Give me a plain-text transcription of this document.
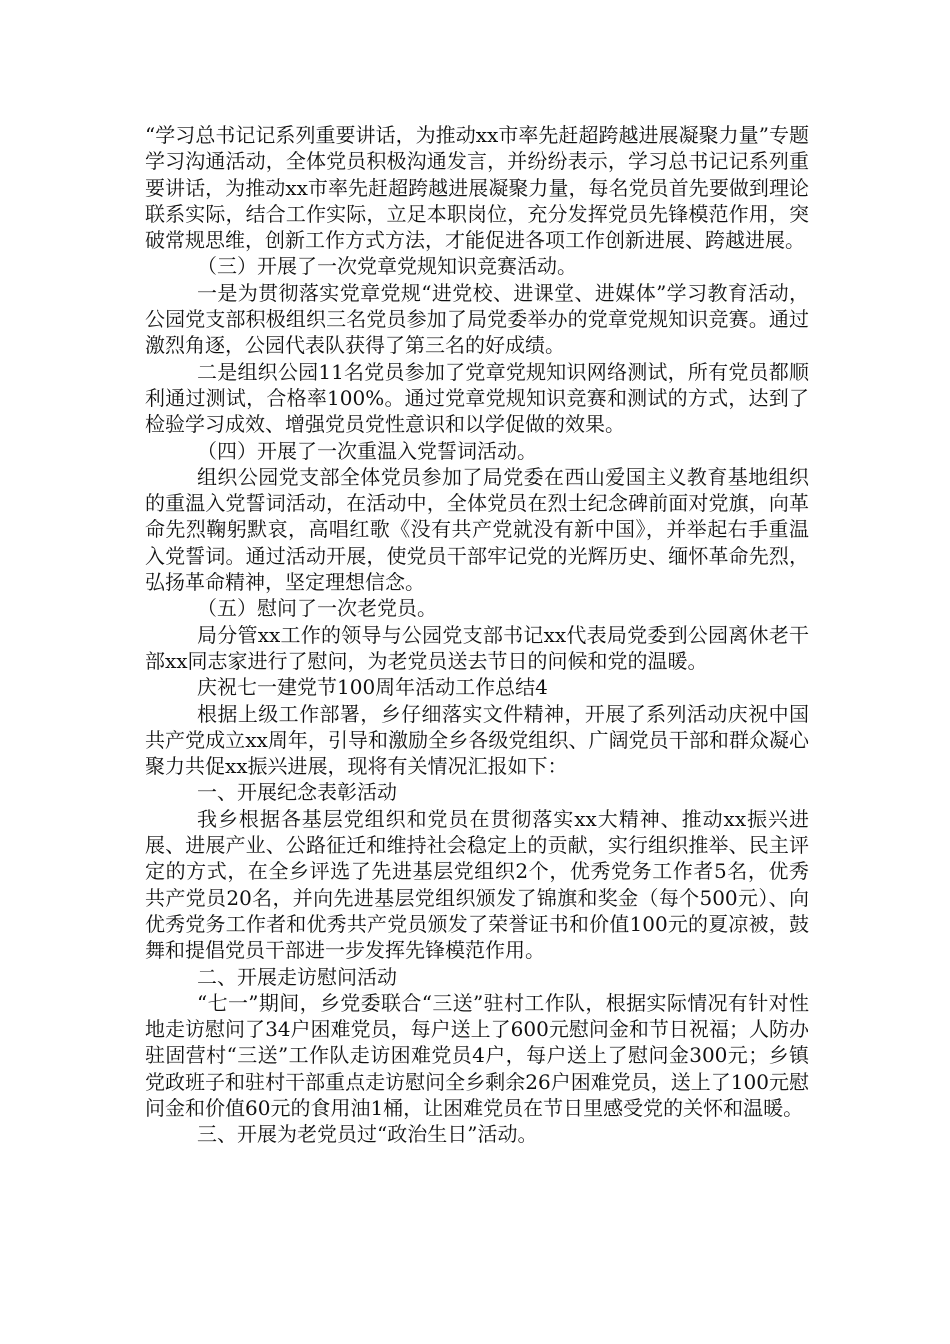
“学习总书记记系列重要讲话，为推动xx市率先赶超跨越进展凝聚力量”专题学习沟通活动，全体党员积极沟通发言，并纷纷表示，学习总书记记系列重要讲话，为推动xx市率先赶超跨越进展凝聚力量，每名党员首先要做到理论联系实际，结合工作实际，立足本职岗位，充分发挥党员先锋模范作用，突破常规思维，创新工作方式方法，才能促进各项工作创新进展、跨越进展。

（三）开展了一次党章党规知识竞赛活动。

一是为贯彻落实党章党规“进党校、进课堂、进媒体”学习教育活动，公园党支部积极组织三名党员参加了局党委举办的党章党规知识竞赛。通过激烈角逐，公园代表队获得了第三名的好成绩。

二是组织公园11名党员参加了党章党规知识网络测试，所有党员都顺利通过测试，合格率100%。通过党章党规知识竞赛和测试的方式，达到了检验学习成效、增强党员党性意识和以学促做的效果。

（四）开展了一次重温入党誓词活动。

组织公园党支部全体党员参加了局党委在西山爱国主义教育基地组织的重温入党誓词活动，在活动中，全体党员在烈士纪念碑前面对党旗，向革命先烈鞠躬默哀，高唱红歌《没有共产党就没有新中国》，并举起右手重温入党誓词。通过活动开展，使党员干部牢记党的光辉历史、缅怀革命先烈，弘扬革命精神，坚定理想信念。

（五）慰问了一次老党员。

局分管xx工作的领导与公园党支部书记xx代表局党委到公园离休老干部xx同志家进行了慰问，为老党员送去节日的问候和党的温暖。

庆祝七一建党节100周年活动工作总结4

根据上级工作部署，乡仔细落实文件精神，开展了系列活动庆祝中国共产党成立xx周年，引导和激励全乡各级党组织、广阔党员干部和群众凝心聚力共促xx振兴进展，现将有关情况汇报如下：

一、开展纪念表彰活动

我乡根据各基层党组织和党员在贯彻落实xx大精神、推动xx振兴进展、进展产业、公路征迁和维持社会稳定上的贡献，实行组织推举、民主评定的方式，在全乡评选了先进基层党组织2个，优秀党务工作者5名，优秀共产党员20名，并向先进基层党组织颁发了锦旗和奖金（每个500元）、向优秀党务工作者和优秀共产党员颁发了荣誉证书和价值100元的夏凉被，鼓舞和提倡党员干部进一步发挥先锋模范作用。

二、开展走访慰问活动

“七一”期间，乡党委联合“三送”驻村工作队，根据实际情况有针对性地走访慰问了34户困难党员，每户送上了600元慰问金和节日祝福；人防办驻固营村“三送”工作队走访困难党员4户，每户送上了慰问金300元；乡镇党政班子和驻村干部重点走访慰问全乡剩余26户困难党员，送上了100元慰问金和价值60元的食用油1桶，让困难党员在节日里感受党的关怀和温暖。

三、开展为老党员过“政治生日”活动。
